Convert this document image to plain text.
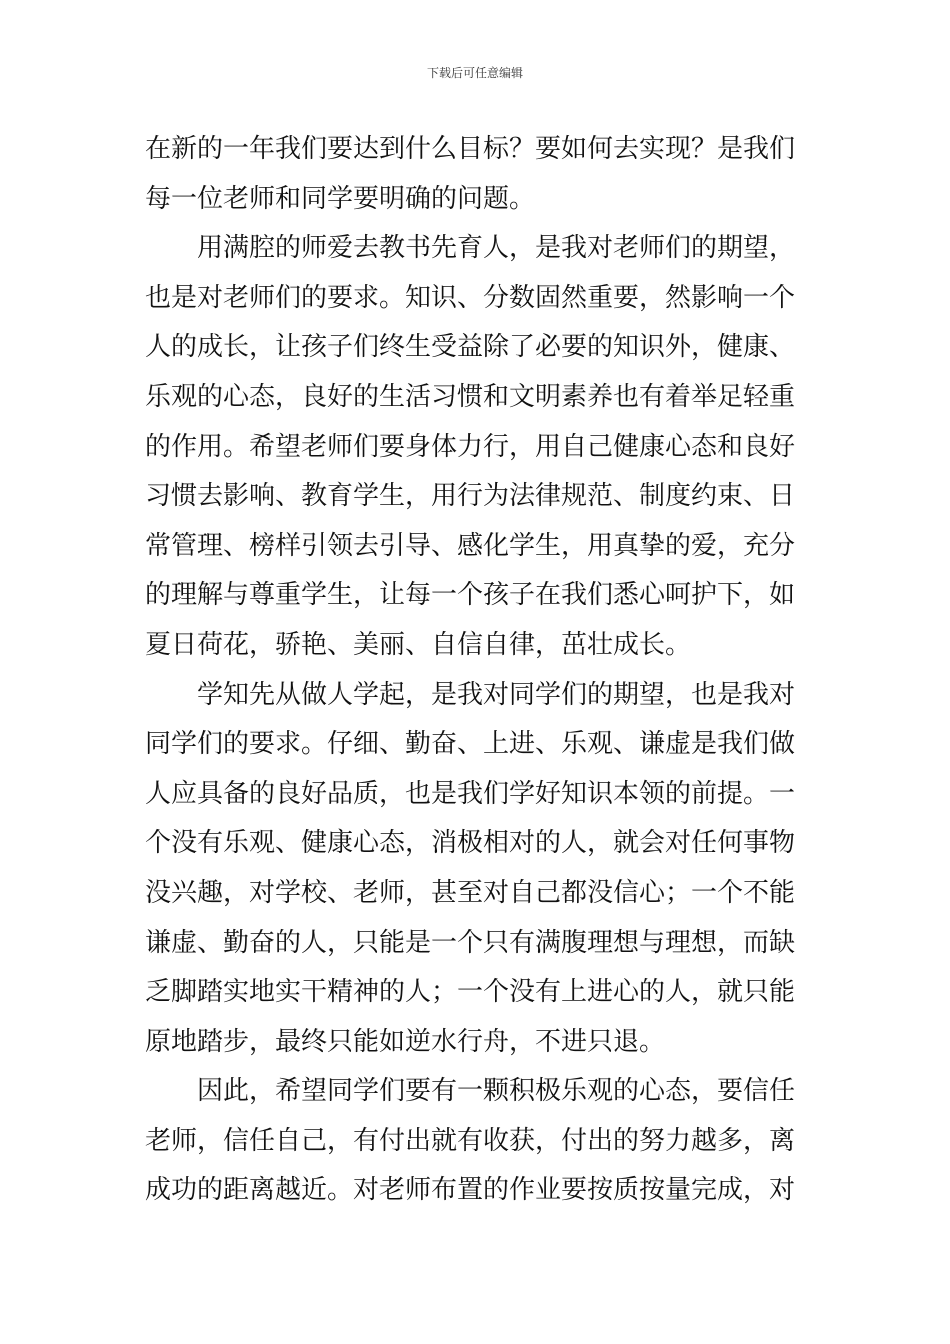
下载后可任意编辑
在新的一年我们要达到什么目标？要如何去实现？是我们
每一位老师和同学要明确的问题。
用满腔的师爱去教书先育人，是我对老师们的期望，
也是对老师们的要求。知识、分数固然重要，然影响一个
人的成长，让孩子们终生受益除了必要的知识外，健康、
乐观的心态，良好的生活习惯和文明素养也有着举足轻重
的作用。希望老师们要身体力行，用自己健康心态和良好
习惯去影响、教育学生，用行为法律规范、制度约束、日
常管理、榜样引领去引导、感化学生，用真挚的爱，充分
的理解与尊重学生，让每一个孩子在我们悉心呵护下，如
夏日荷花，骄艳、美丽、自信自律，茁壮成长。
学知先从做人学起，是我对同学们的期望，也是我对
同学们的要求。仔细、勤奋、上进、乐观、谦虚是我们做
人应具备的良好品质，也是我们学好知识本领的前提。一
个没有乐观、健康心态，消极相对的人，就会对任何事物
没兴趣，对学校、老师，甚至对自己都没信心；一个不能
谦虚、勤奋的人，只能是一个只有满腹理想与理想，而缺
乏脚踏实地实干精神的人；一个没有上进心的人，就只能
原地踏步，最终只能如逆水行舟，不进只退。
因此，希望同学们要有一颗积极乐观的心态，要信任
老师，信任自己，有付出就有收获，付出的努力越多，离
成功的距离越近。对老师布置的作业要按质按量完成，对
